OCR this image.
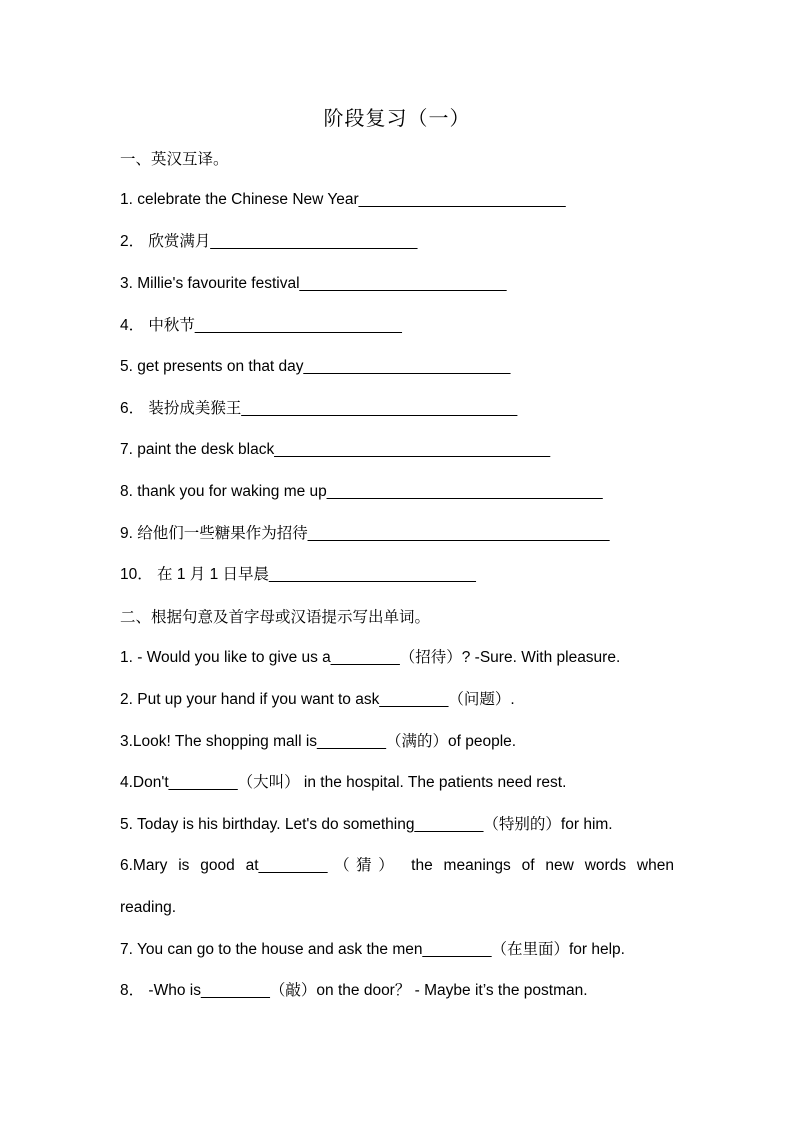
阶段复习（一）
一、英汉互译。
1. celebrate the Chinese New Year________________________
2． 欣赏满月________________________
3. Millie's favourite festival________________________
4． 中秋节________________________
5. get presents on that day________________________
6． 装扮成美猴王________________________________
7. paint the desk black________________________________
8. thank you for waking me up________________________________
9. 给他们一些糖果作为招待___________________________________
10． 在 1 月 1 日早晨________________________
二、根据句意及首字母或汉语提示写出单词。
1. - Would you like to give us a________（招待）? -Sure. With pleasure.
2. Put up your hand if you want to ask________（问题）.
3.Look! The shopping mall is________（满的）of people.
4.Don't________（大叫） in the hospital. The patients need rest.
5. Today is his birthday. Let's do something________（特别的）for him.
6.Mary is good at________（猜） the meanings of new words when
reading.
7. You can go to the house and ask the men________（在里面）for help.
8． -Who is________（敲）on the door？ - Maybe it’s the postman.
